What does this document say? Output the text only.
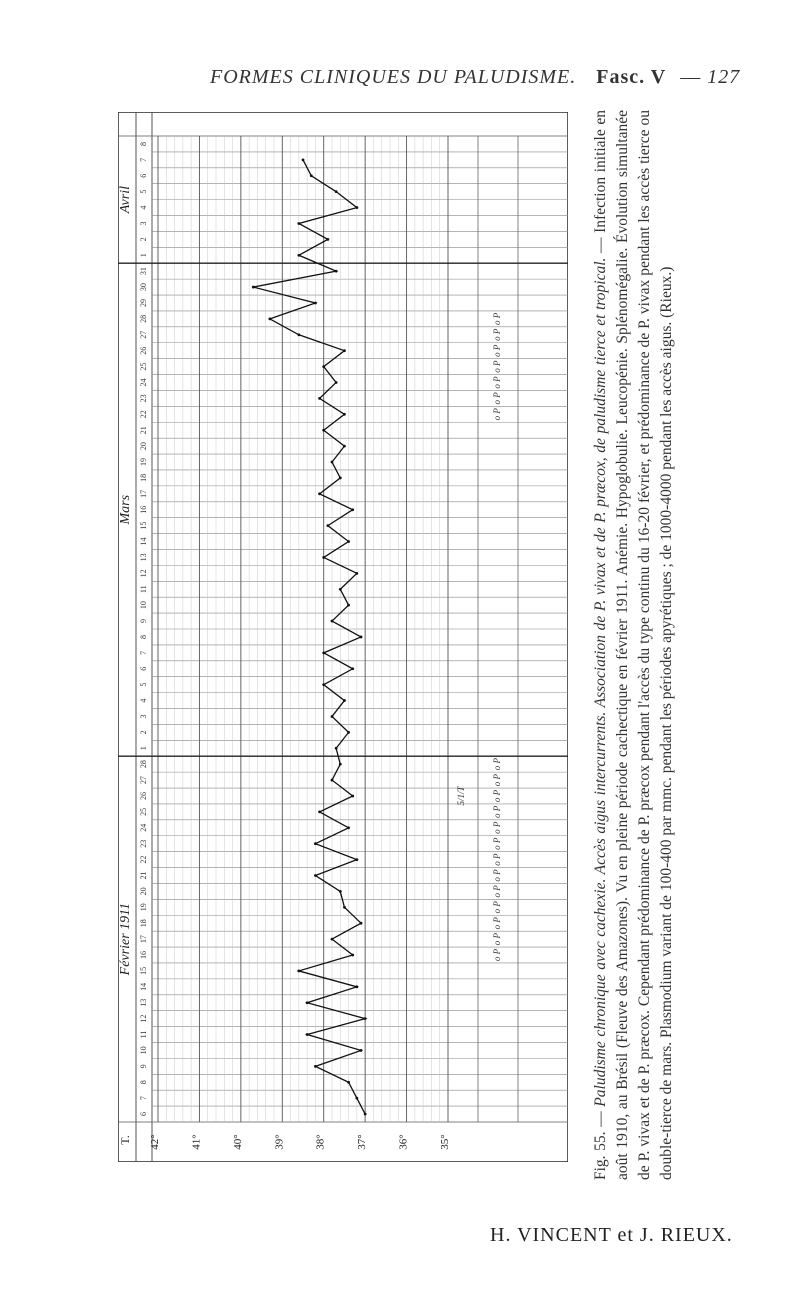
FORMES CLINIQUES DU PALUDISME. Fasc. V — 127
Février 1911
Mars
Avril
6
7
8
9
10
11
12
13
14
15
16
17
18
19
20
21
22
23
24
25
26
27
28
1
2
3
4
5
6
7
8
9
10
11
12
13
14
15
16
17
18
19
20
21
22
23
24
25
26
27
28
29
30
31
1
2
3
4
5
6
7
8
T. 42°	41°	40°	39°	38°	37°	36°	35°
o P
o P
o P
o P
o P
o P
o P
o P
o P
o P
o P
o P
o P
o P
o P
o P
o P
o P
o P
o P
5/1/T
Fig. 55. — Paludisme chronique avec cachexie. Accès aigus intercurrents. Association de P. vivax et de P. præcox, de paludisme tierce et tropical. — Infection initiale en août 1910, au Brésil (Fleuve des Amazones). Vu en pleine période cachectique en février 1911. Anémie. Hypoglobulie. Leucopénie. Splénomégalie. Évolution simultanée de P. vivax et de P. præcox. Cependant prédominance de P. præcox pendant l'accès du type continu du 16-20 février, et prédominance de P. vivax pendant les accès tierce ou double-tierce de mars. Plasmodium variant de 100-400 par mmc. pendant les périodes apyrétiques ; de 1000-4000 pendant les accès aigus. (Rieux.)
H. VINCENT et J. RIEUX.
